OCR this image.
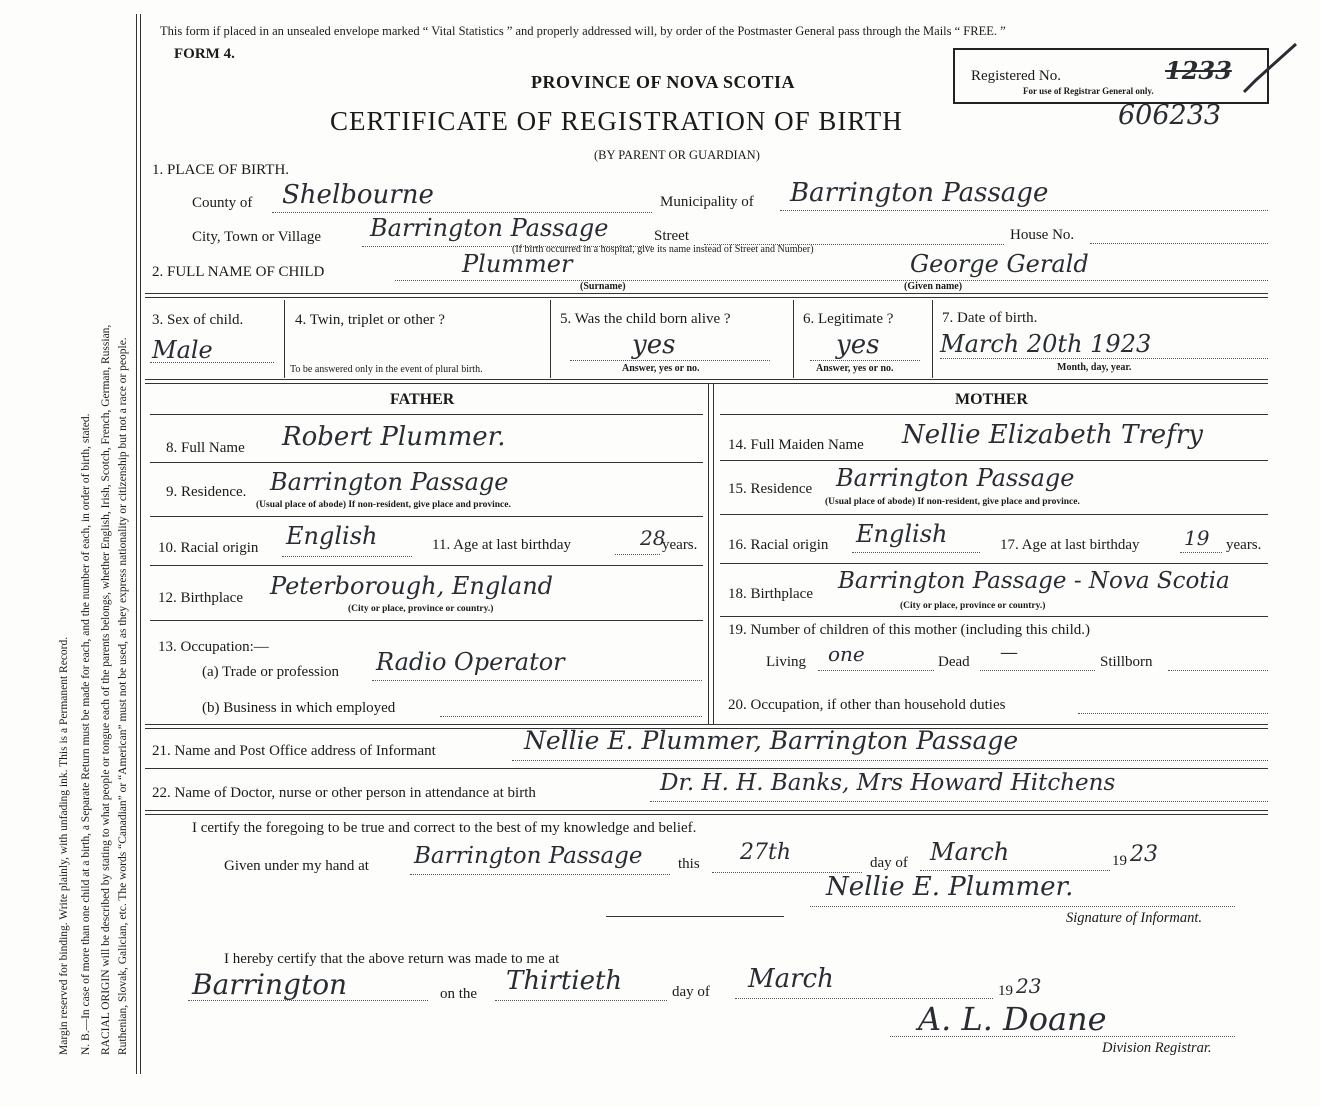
Margin reserved for binding. Write plainly, with unfading ink. This is a Permanent Record. N. B.—In case of more than one child at a birth, a Separate Return must be made for each, and the number of each, in order of birth, stated. RACIAL ORIGIN will be described by stating to what people or tongue each of the parents belongs, whether English, Irish, Scotch, French, German, Russian, Ruthenian, Slovak, Galician, etc. The words “Canadian” or “American” must not be used, as they express nationality or citizenship but not a race or people.
This form if placed in an unsealed envelope marked “ Vital Statistics ” and properly addressed will, by order of the Postmaster General pass through the Mails “ FREE. ”
FORM 4.
PROVINCE OF NOVA SCOTIA	Registered No.	1233
For use of Registrar General only.
CERTIFICATE OF REGISTRATION OF BIRTH	606233
(BY PARENT OR GUARDIAN)
1. PLACE OF BIRTH.
County of Shelbourne	Municipality of Barrington Passage
City, Town or Village Barrington Passage	Street
(If birth occurred in a hospital, give its name instead of Street and Number)
House No.
2. FULL NAME OF CHILD	Plummer
(Surname)
George Gerald
(Given name)
3. Sex of child.
Male
4. Twin, triplet or other ?
To be answered only in the event of plural birth.
5. Was the child born alive ?
yes
Answer, yes or no.
6. Legitimate ?
yes
Answer, yes or no.
7. Date of birth.
March 20th 1923
Month, day, year.
FATHER	MOTHER
8. Full Name Robert Plummer.
9. Residence. Barrington Passage
(Usual place of abode) If non-resident, give place and province.
10. Racial origin English	11. Age at last birthday	28
years.
12. Birthplace Peterborough, England
(City or place, province or country.)
13. Occupation:—
(a) Trade or profession Radio Operator
(b) Business in which employed
14. Full Maiden Name Nellie Elizabeth Trefry
15. Residence Barrington Passage
(Usual place of abode) If non-resident, give place and province.
16. Racial origin English	17. Age at last birthday 19 years.
18. Birthplace Barrington Passage - Nova Scotia
(City or place, province or country.)
19. Number of children of this mother (including this child.)
Living one	Dead —	Stillborn
20. Occupation, if other than household duties
21. Name and Post Office address of Informant	Nellie E. Plummer, Barrington Passage
22. Name of Doctor, nurse or other person in attendance at birth	Dr. H. H. Banks, Mrs Howard Hitchens
I certify the foregoing to be true and correct to the best of my knowledge and belief.
Given under my hand at Barrington Passage this 27th	day of March	19 23
Nellie E. Plummer.
Signature of Informant.
I hereby certify that the above return was made to me at
Barrington	on the Thirtieth	day of March	19 23
A. L. Doane
Division Registrar.
